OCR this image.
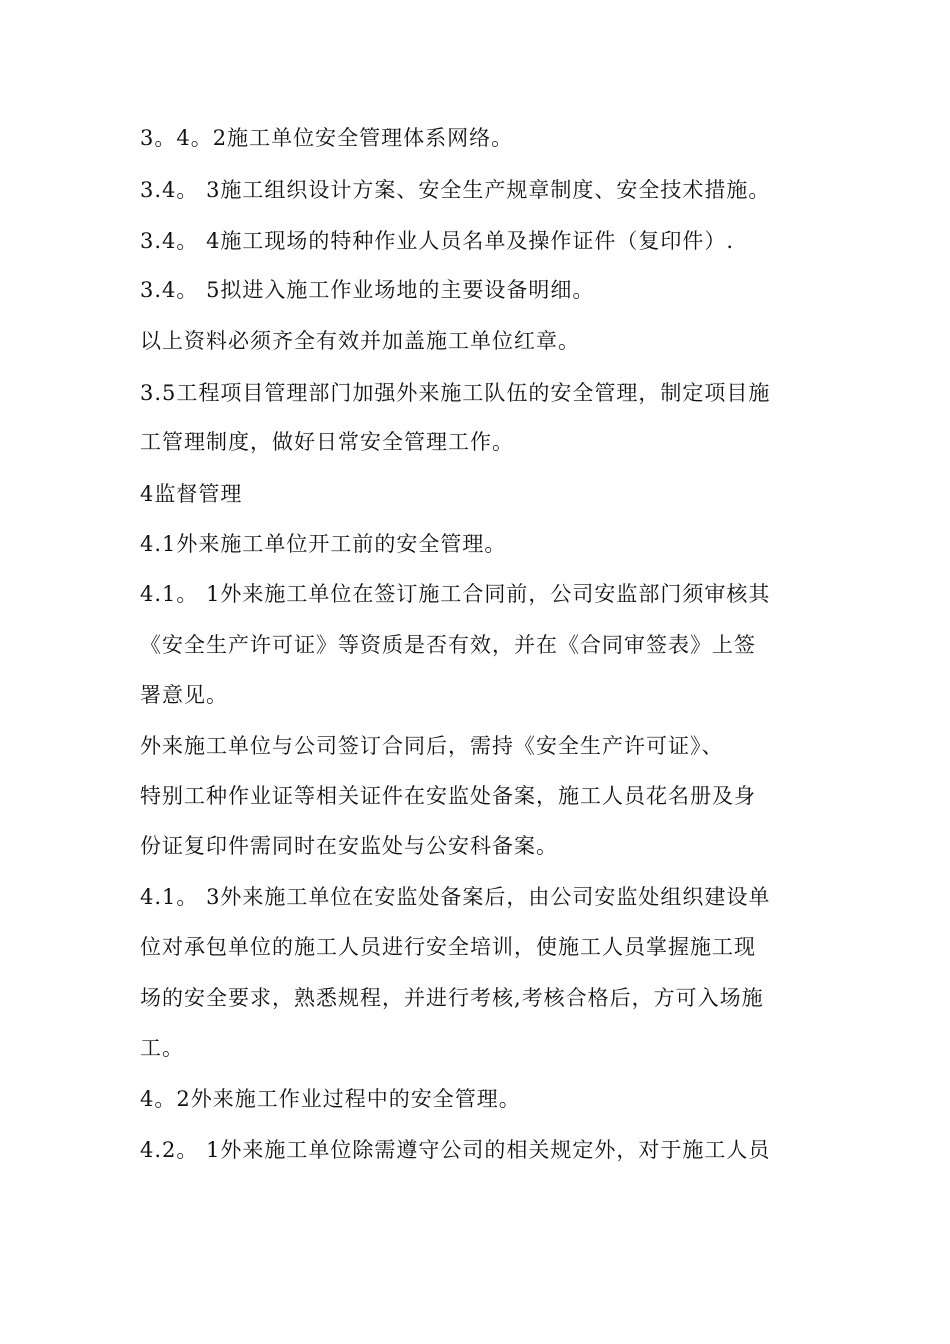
3。4。2施工单位安全管理体系网络。
3.4。 3施工组织设计方案、安全生产规章制度、安全技术措施。
3.4。 4施工现场的特种作业人员名单及操作证件（复印件）.
3.4。 5拟进入施工作业场地的主要设备明细。
以上资料必须齐全有效并加盖施工单位红章。
3.5工程项目管理部门加强外来施工队伍的安全管理，制定项目施
工管理制度，做好日常安全管理工作。
4监督管理
4.1外来施工单位开工前的安全管理。
4.1。 1外来施工单位在签订施工合同前，公司安监部门须审核其
《安全生产许可证》等资质是否有效，并在《合同审签表》上签
署意见。
外来施工单位与公司签订合同后，需持《安全生产许可证》、
特别工种作业证等相关证件在安监处备案，施工人员花名册及身
份证复印件需同时在安监处与公安科备案。
4.1。 3外来施工单位在安监处备案后，由公司安监处组织建设单
位对承包单位的施工人员进行安全培训，使施工人员掌握施工现
场的安全要求，熟悉规程，并进行考核,考核合格后，方可入场施
工。
4。2外来施工作业过程中的安全管理。
4.2。 1外来施工单位除需遵守公司的相关规定外，对于施工人员
